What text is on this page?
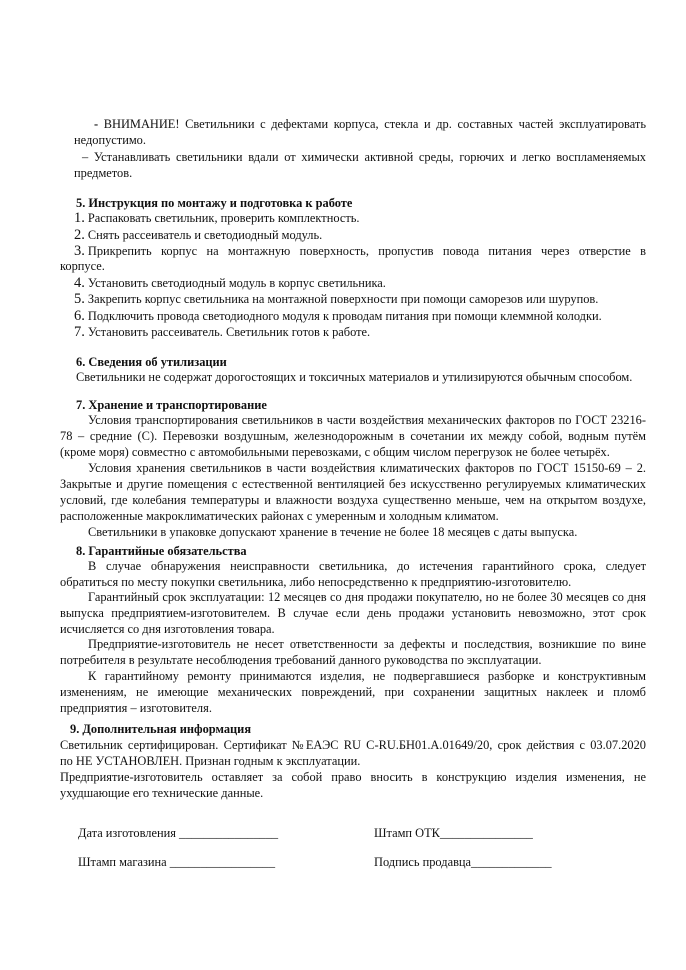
- ВНИМАНИЕ! Светильники с дефектами корпуса, стекла и др. составных частей эксплуатировать
недопустимо.
– Устанавливать светильники вдали от химически активной среды, горючих и легко воспламеняемых
предметов.
5. Инструкция по монтажу и подготовка к работе
1. Распаковать светильник, проверить комплектность.
2. Снять рассеиватель и светодиодный модуль.
3. Прикрепить корпус на монтажную поверхность, пропустив повода питания через отверстие в
корпусе.
4. Установить светодиодный модуль в корпус светильника.
5. Закрепить корпус светильника на монтажной поверхности при помощи саморезов или шурупов.
6. Подключить провода светодиодного модуля к проводам питания при помощи клеммной колодки.
7. Установить рассеиватель. Светильник готов к работе.
6. Сведения об утилизации
Светильники не содержат дорогостоящих и токсичных материалов и утилизируются обычным способом.
7. Хранение и транспортирование
Условия транспортирования светильников в части воздействия механических факторов по ГОСТ 23216-
78 – средние (С). Перевозки воздушным, железнодорожным в сочетании их между собой, водным путём
(кроме моря) совместно с автомобильными перевозками, с общим числом перегрузок не более четырёх.
Условия хранения светильников в части воздействия климатических факторов по ГОСТ 15150-69 – 2.
Закрытые и другие помещения с естественной вентиляцией без искусственно регулируемых климатических
условий, где колебания температуры и влажности воздуха существенно меньше, чем на открытом воздухе,
расположенные макроклиматических районах с умеренным и холодным климатом.
Светильники в упаковке допускают хранение в течение не более 18 месяцев с даты выпуска.
8. Гарантийные обязательства
В случае обнаружения неисправности светильника, до истечения гарантийного срока, следует
обратиться по месту покупки светильника, либо непосредственно к предприятию-изготовителю.
Гарантийный срок эксплуатации: 12 месяцев со дня продажи покупателю, но не более 30 месяцев со дня
выпуска предприятием-изготовителем. В случае если день продажи установить невозможно, этот срок
исчисляется со дня изготовления товара.
Предприятие-изготовитель не несет ответственности за дефекты и последствия, возникшие по вине
потребителя в результате несоблюдения требований данного руководства по эксплуатации.
К гарантийному ремонту принимаются изделия, не подвергавшиеся разборке и конструктивным
изменениям, не имеющие механических повреждений, при сохранении защитных наклеек и пломб
предприятия – изготовителя.
9. Дополнительная информация
Светильник сертифицирован. Сертификат №ЕАЭС RU C-RU.БН01.А.01649/20, срок действия с 03.07.2020
по НЕ УСТАНОВЛЕН. Признан годным к эксплуатации.
Предприятие-изготовитель оставляет за собой право вносить в конструкцию изделия изменения, не
ухудшающие его технические данные.
Дата изготовления ________________	Штамп ОТК_______________
Штамп магазина _________________	Подпись продавца_____________
